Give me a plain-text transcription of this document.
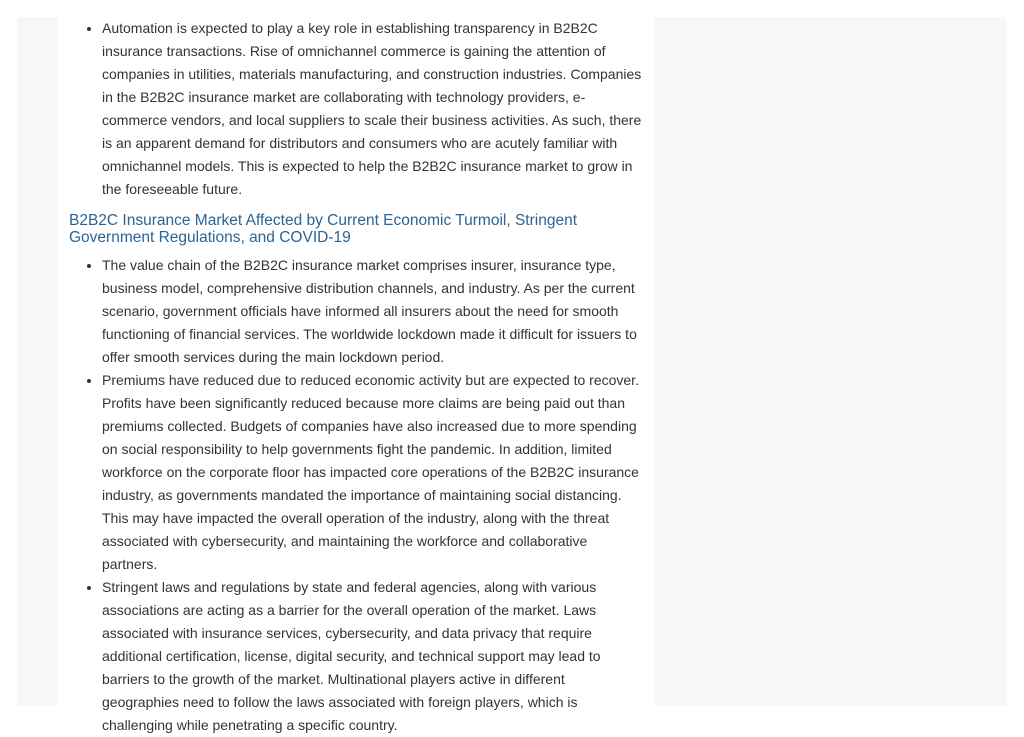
• Automation is expected to play a key role in establishing transparency in B2B2C insurance transactions. Rise of omnichannel commerce is gaining the attention of companies in utilities, materials manufacturing, and construction industries. Companies in the B2B2C insurance market are collaborating with technology providers, e-commerce vendors, and local suppliers to scale their business activities. As such, there is an apparent demand for distributors and consumers who are acutely familiar with omnichannel models. This is expected to help the B2B2C insurance market to grow in the foreseeable future.
B2B2C Insurance Market Affected by Current Economic Turmoil, Stringent Government Regulations, and COVID-19
• The value chain of the B2B2C insurance market comprises insurer, insurance type, business model, comprehensive distribution channels, and industry. As per the current scenario, government officials have informed all insurers about the need for smooth functioning of financial services. The worldwide lockdown made it difficult for issuers to offer smooth services during the main lockdown period.
• Premiums have reduced due to reduced economic activity but are expected to recover. Profits have been significantly reduced because more claims are being paid out than premiums collected. Budgets of companies have also increased due to more spending on social responsibility to help governments fight the pandemic. In addition, limited workforce on the corporate floor has impacted core operations of the B2B2C insurance industry, as governments mandated the importance of maintaining social distancing. This may have impacted the overall operation of the industry, along with the threat associated with cybersecurity, and maintaining the workforce and collaborative partners.
• Stringent laws and regulations by state and federal agencies, along with various associations are acting as a barrier for the overall operation of the market. Laws associated with insurance services, cybersecurity, and data privacy that require additional certification, license, digital security, and technical support may lead to barriers to the growth of the market. Multinational players active in different geographies need to follow the laws associated with foreign players, which is challenging while penetrating a specific country.
